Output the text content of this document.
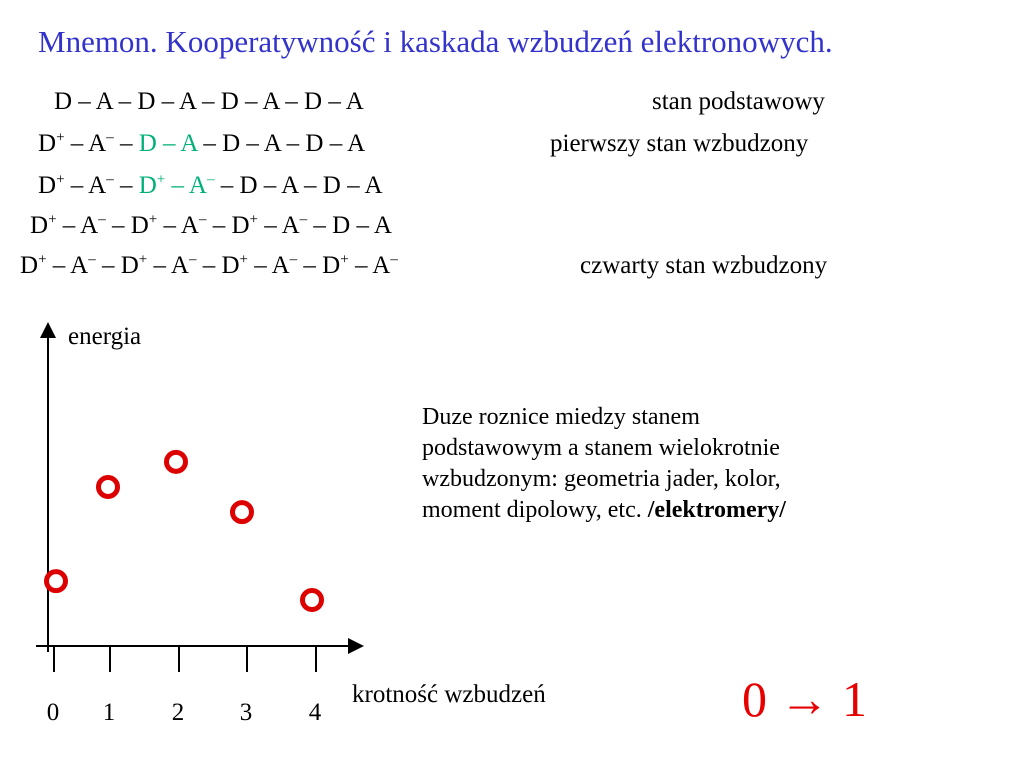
Mnemon. Kooperatywność i kaskada wzbudzeń elektronowych.
D – A – D – A – D – A – D – A	stan podstawowy
D+ – A– – D – A – D – A – D – A	pierwszy stan wzbudzony
D+ – A– – D+ – A– – D – A – D – A
D+ – A– – D+ – A– – D+ – A– – D – A
D+ – A– – D+ – A– – D+ – A– – D+ – A–	czwarty stan wzbudzony
energia
krotność wzbudzeń
0 1 2 3 4
Duze roznice miedzy stanem
podstawowym a stanem wielokrotnie
wzbudzonym: geometria jader, kolor,
moment dipolowy, etc. /elektromery/
0 → 1
